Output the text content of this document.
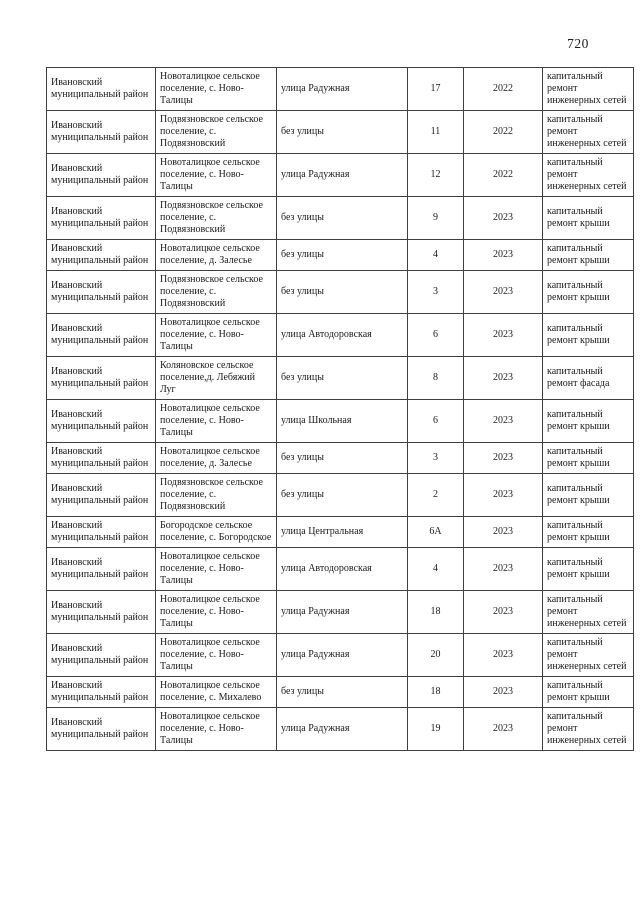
720
Ивановский муниципальный район	Новоталицкое сельское поселение, с. Ново-Талицы	улица Радужная	17	2022	капитальный ремонт инженерных сетей
Ивановский муниципальный район	Подвязновское сельское поселение, с. Подвязновский	без улицы	11	2022	капитальный ремонт инженерных сетей
Ивановский муниципальный район	Новоталицкое сельское поселение, с. Ново-Талицы	улица Радужная	12	2022	капитальный ремонт инженерных сетей
Ивановский муниципальный район	Подвязновское сельское поселение, с. Подвязновский	без улицы	9	2023	капитальный ремонт крыши
Ивановский муниципальный район	Новоталицкое сельское поселение, д. Залесье	без улицы	4	2023	капитальный ремонт крыши
Ивановский муниципальный район	Подвязновское сельское поселение, с. Подвязновский	без улицы	3	2023	капитальный ремонт крыши
Ивановский муниципальный район	Новоталицкое сельское поселение, с. Ново-Талицы	улица Автодоровская	6	2023	капитальный ремонт крыши
Ивановский муниципальный район	Коляновское сельское поселение,д. Лебяжий Луг	без улицы	8	2023	капитальный ремонт фасада
Ивановский муниципальный район	Новоталицкое сельское поселение, с. Ново-Талицы	улица Школьная	6	2023	капитальный ремонт крыши
Ивановский муниципальный район	Новоталицкое сельское поселение, д. Залесье	без улицы	3	2023	капитальный ремонт крыши
Ивановский муниципальный район	Подвязновское сельское поселение, с. Подвязновский	без улицы	2	2023	капитальный ремонт крыши
Ивановский муниципальный район	Богородское сельское поселение, с. Богородское	улица Центральная	6А	2023	капитальный ремонт крыши
Ивановский муниципальный район	Новоталицкое сельское поселение, с. Ново-Талицы	улица Автодоровская	4	2023	капитальный ремонт крыши
Ивановский муниципальный район	Новоталицкое сельское поселение, с. Ново-Талицы	улица Радужная	18	2023	капитальный ремонт инженерных сетей
Ивановский муниципальный район	Новоталицкое сельское поселение, с. Ново-Талицы	улица Радужная	20	2023	капитальный ремонт инженерных сетей
Ивановский муниципальный район	Новоталицкое сельское поселение, с. Михалево	без улицы	18	2023	капитальный ремонт крыши
Ивановский муниципальный район	Новоталицкое сельское поселение, с. Ново-Талицы	улица Радужная	19	2023	капитальный ремонт инженерных сетей
